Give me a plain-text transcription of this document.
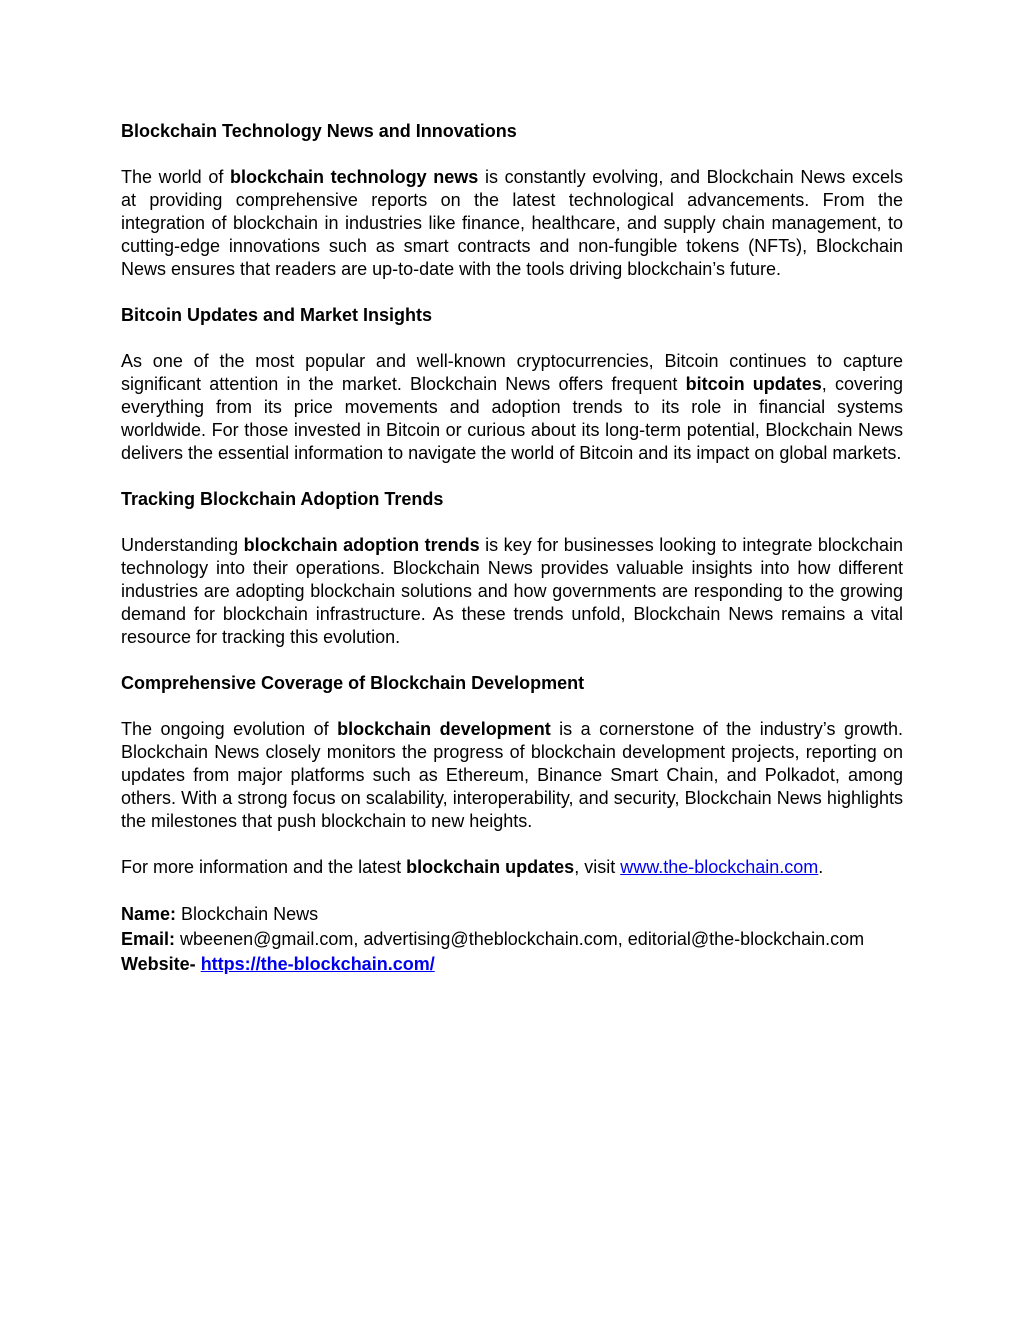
Blockchain Technology News and Innovations

The world of blockchain technology news is constantly evolving, and Blockchain News excels at providing comprehensive reports on the latest technological advancements. From the integration of blockchain in industries like finance, healthcare, and supply chain management, to cutting-edge innovations such as smart contracts and non-fungible tokens (NFTs), Blockchain News ensures that readers are up-to-date with the tools driving blockchain’s future.

Bitcoin Updates and Market Insights

As one of the most popular and well-known cryptocurrencies, Bitcoin continues to capture significant attention in the market. Blockchain News offers frequent bitcoin updates, covering everything from its price movements and adoption trends to its role in financial systems worldwide. For those invested in Bitcoin or curious about its long-term potential, Blockchain News delivers the essential information to navigate the world of Bitcoin and its impact on global markets.

Tracking Blockchain Adoption Trends

Understanding blockchain adoption trends is key for businesses looking to integrate blockchain technology into their operations. Blockchain News provides valuable insights into how different industries are adopting blockchain solutions and how governments are responding to the growing demand for blockchain infrastructure. As these trends unfold, Blockchain News remains a vital resource for tracking this evolution.

Comprehensive Coverage of Blockchain Development

The ongoing evolution of blockchain development is a cornerstone of the industry’s growth. Blockchain News closely monitors the progress of blockchain development projects, reporting on updates from major platforms such as Ethereum, Binance Smart Chain, and Polkadot, among others. With a strong focus on scalability, interoperability, and security, Blockchain News highlights the milestones that push blockchain to new heights.

For more information and the latest blockchain updates, visit www.the-blockchain.com.

Name: Blockchain News
Email: wbeenen@gmail.com, advertising@theblockchain.com, editorial@the-blockchain.com
Website- https://the-blockchain.com/
